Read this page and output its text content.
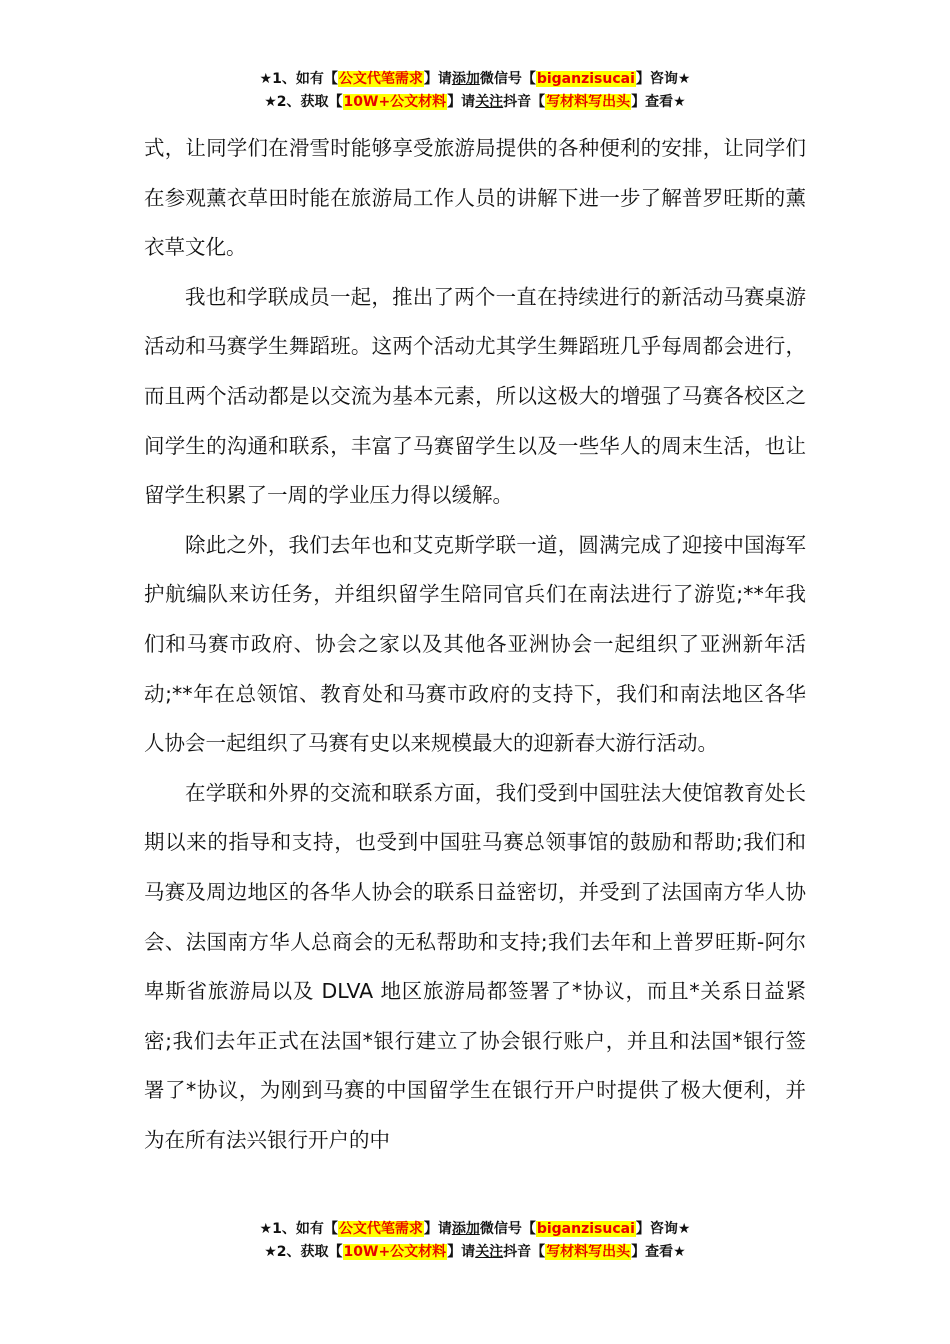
★1、如有【公文代笔需求】请添加微信号【biganzisucai】咨询★
★2、获取【10W+公文材料】请关注抖音【写材料写出头】查看★

式，让同学们在滑雪时能够享受旅游局提供的各种便利的安排，让同学们在参观薰衣草田时能在旅游局工作人员的讲解下进一步了解普罗旺斯的薰衣草文化。

我也和学联成员一起，推出了两个一直在持续进行的新活动马赛桌游活动和马赛学生舞蹈班。这两个活动尤其学生舞蹈班几乎每周都会进行，而且两个活动都是以交流为基本元素，所以这极大的增强了马赛各校区之间学生的沟通和联系，丰富了马赛留学生以及一些华人的周末生活，也让留学生积累了一周的学业压力得以缓解。

除此之外，我们去年也和艾克斯学联一道，圆满完成了迎接中国海军护航编队来访任务，并组织留学生陪同官兵们在南法进行了游览;**年我们和马赛市政府、协会之家以及其他各亚洲协会一起组织了亚洲新年活动;**年在总领馆、教育处和马赛市政府的支持下，我们和南法地区各华人协会一起组织了马赛有史以来规模最大的迎新春大游行活动。

在学联和外界的交流和联系方面，我们受到中国驻法大使馆教育处长期以来的指导和支持，也受到中国驻马赛总领事馆的鼓励和帮助;我们和马赛及周边地区的各华人协会的联系日益密切，并受到了法国南方华人协会、法国南方华人总商会的无私帮助和支持;我们去年和上普罗旺斯-阿尔卑斯省旅游局以及 DLVA 地区旅游局都签署了*协议，而且*关系日益紧密;我们去年正式在法国*银行建立了协会银行账户，并且和法国*银行签署了*协议，为刚到马赛的中国留学生在银行开户时提供了极大便利，并为在所有法兴银行开户的中

★1、如有【公文代笔需求】请添加微信号【biganzisucai】咨询★
★2、获取【10W+公文材料】请关注抖音【写材料写出头】查看★
